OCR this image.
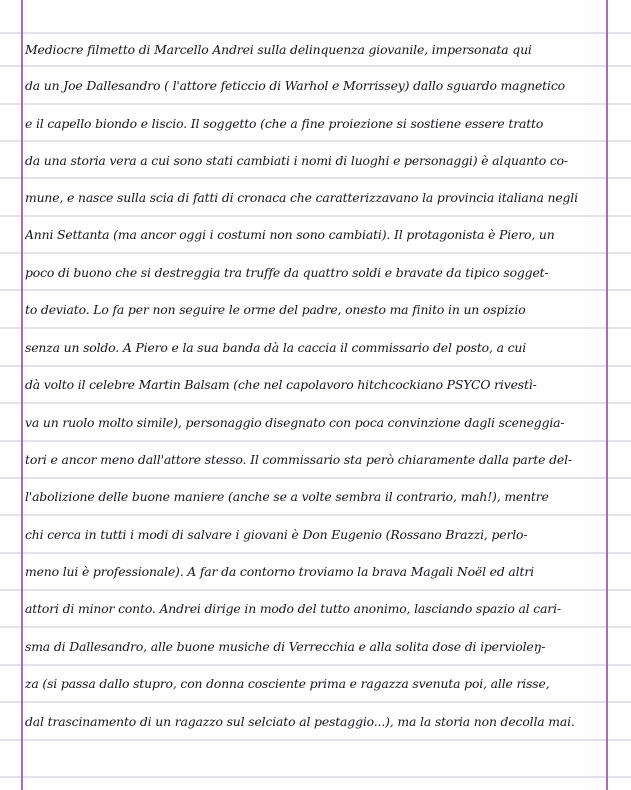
Mediocre filmetto di Marcello Andrei sulla delinquenza giovanile, impersonata qui
da un Joe Dallesandro ( l'attore feticcio di Warhol e Morrissey) dallo sguardo magnetico
e il capello biondo e liscio. Il soggetto (che a fine proiezione si sostiene essere tratto
da una storia vera a cui sono stati cambiati i nomi di luoghi e personaggi) è alquanto co-
mune, e nasce sulla scia di fatti di cronaca che caratterizzavano la provincia italiana negli
Anni Settanta (ma ancor oggi i costumi non sono cambiati). Il protagonista è Piero, un
poco di buono che si destreggia tra truffe da quattro soldi e bravate da tipico sogget-
to deviato. Lo fa per non seguire le orme del padre, onesto ma finito in un ospizio
senza un soldo. A Piero e la sua banda dà la caccia il commissario del posto, a cui
dà volto il celebre Martin Balsam (che nel capolavoro hitchcockiano PSYCO rivestì-
va un ruolo molto simile), personaggio disegnato con poca convinzione dagli sceneggia-
tori e ancor meno dall'attore stesso. Il commissario sta però chiaramente dalla parte del-
l'abolizione delle buone maniere (anche se a volte sembra il contrario, mah!), mentre
chi cerca in tutti i modi di salvare i giovani è Don Eugenio (Rossano Brazzi, perlo-
meno lui è professionale). A far da contorno troviamo la brava Magali Noël ed altri
attori di minor conto. Andrei dirige in modo del tutto anonimo, lasciando spazio al cari-
sma di Dallesandro, alle buone musiche di Verrecchia e alla solita dose di ipervioleŋ-
za (si passa dallo stupro, con donna cosciente prima e ragazza svenuta poi, alle risse,
dal trascinamento di un ragazzo sul selciato al pestaggio...), ma la storia non decolla mai.
